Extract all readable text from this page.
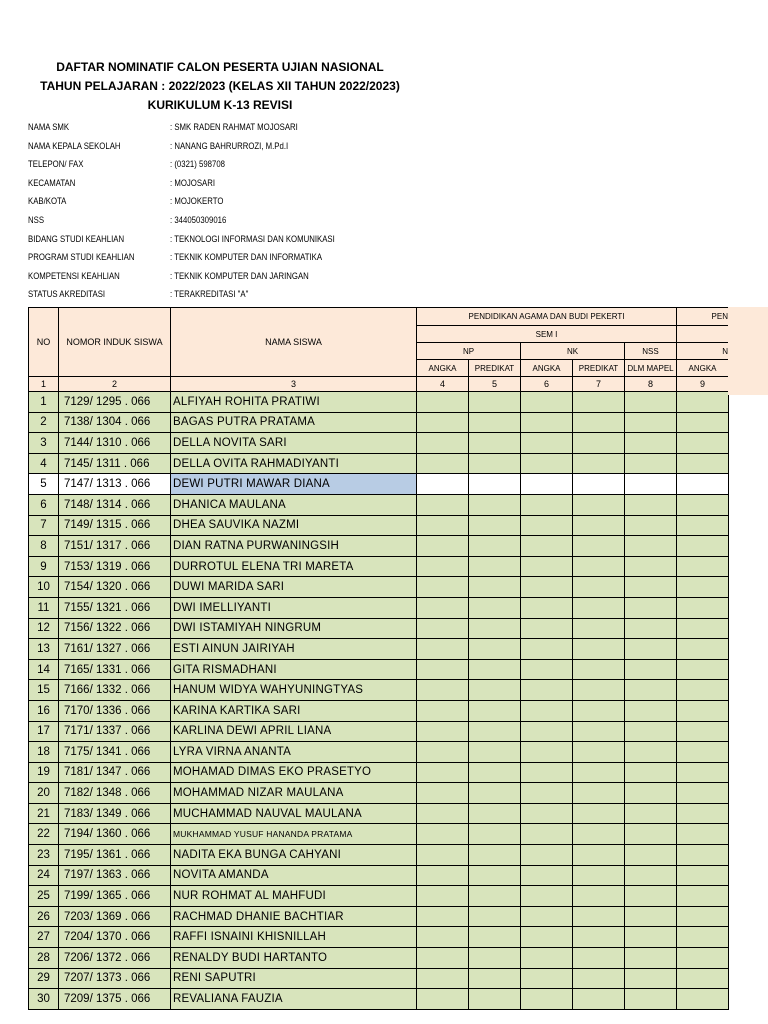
DAFTAR NOMINATIF CALON PESERTA UJIAN NASIONAL
TAHUN PELAJARAN : 2022/2023 (KELAS XII TAHUN 2022/2023)
KURIKULUM K-13 REVISI
NAMA SMK	: SMK RADEN RAHMAT MOJOSARI
NAMA KEPALA SEKOLAH	: NANANG BAHRURROZI, M.Pd.I
TELEPON/ FAX	: (0321) 598708
KECAMATAN	: MOJOSARI
KAB/KOTA	: MOJOKERTO
NSS	: 344050309016
BIDANG STUDI KEAHLIAN	: TEKNOLOGI INFORMASI DAN KOMUNIKASI
PROGRAM STUDI KEAHLIAN	: TEKNIK KOMPUTER DAN INFORMATIKA
KOMPETENSI KEAHLIAN	: TEKNIK KOMPUTER DAN JARINGAN
STATUS AKREDITASI	: TERAKREDITASI "A"
NO	NOMOR INDUK SISWA	NAMA SISWA	PENDIDIKAN AGAMA DAN BUDI PEKERTI					PEN
			SEM I					
			NP		NK		NSS	N
			ANGKA	PREDIKAT	ANGKA	PREDIKAT	DLM MAPEL	ANGKA
1	2	3	4	5	6	7	8	9
1	7129/ 1295 . 066	ALFIYAH ROHITA PRATIWI						
2	7138/ 1304 . 066	BAGAS PUTRA PRATAMA						
3	7144/ 1310 . 066	DELLA NOVITA SARI						
4	7145/ 1311 . 066	DELLA OVITA RAHMADIYANTI						
5	7147/ 1313 . 066	DEWI PUTRI MAWAR DIANA						
6	7148/ 1314 . 066	DHANICA MAULANA						
7	7149/ 1315 . 066	DHEA SAUVIKA NAZMI						
8	7151/ 1317 . 066	DIAN RATNA PURWANINGSIH						
9	7153/ 1319 . 066	DURROTUL ELENA TRI MARETA						
10	7154/ 1320 . 066	DUWI MARIDA SARI						
11	7155/ 1321 . 066	DWI IMELLIYANTI						
12	7156/ 1322 . 066	DWI ISTAMIYAH NINGRUM						
13	7161/ 1327 . 066	ESTI AINUN JAIRIYAH						
14	7165/ 1331 . 066	GITA RISMADHANI						
15	7166/ 1332 . 066	HANUM WIDYA WAHYUNINGTYAS						
16	7170/ 1336 . 066	KARINA KARTIKA SARI						
17	7171/ 1337 . 066	KARLINA DEWI APRIL LIANA						
18	7175/ 1341 . 066	LYRA VIRNA ANANTA						
19	7181/ 1347 . 066	MOHAMAD DIMAS EKO PRASETYO						
20	7182/ 1348 . 066	MOHAMMAD NIZAR MAULANA						
21	7183/ 1349 . 066	MUCHAMMAD NAUVAL MAULANA						
22	7194/ 1360 . 066	MUKHAMMAD YUSUF HANANDA PRATAMA						
23	7195/ 1361 . 066	NADITA EKA BUNGA CAHYANI						
24	7197/ 1363 . 066	NOVITA AMANDA						
25	7199/ 1365 . 066	NUR ROHMAT AL MAHFUDI						
26	7203/ 1369 . 066	RACHMAD DHANIE BACHTIAR						
27	7204/ 1370 . 066	RAFFI ISNAINI KHISNILLAH						
28	7206/ 1372 . 066	RENALDY BUDI HARTANTO						
29	7207/ 1373 . 066	RENI SAPUTRI						
30	7209/ 1375 . 066	REVALIANA FAUZIA						
